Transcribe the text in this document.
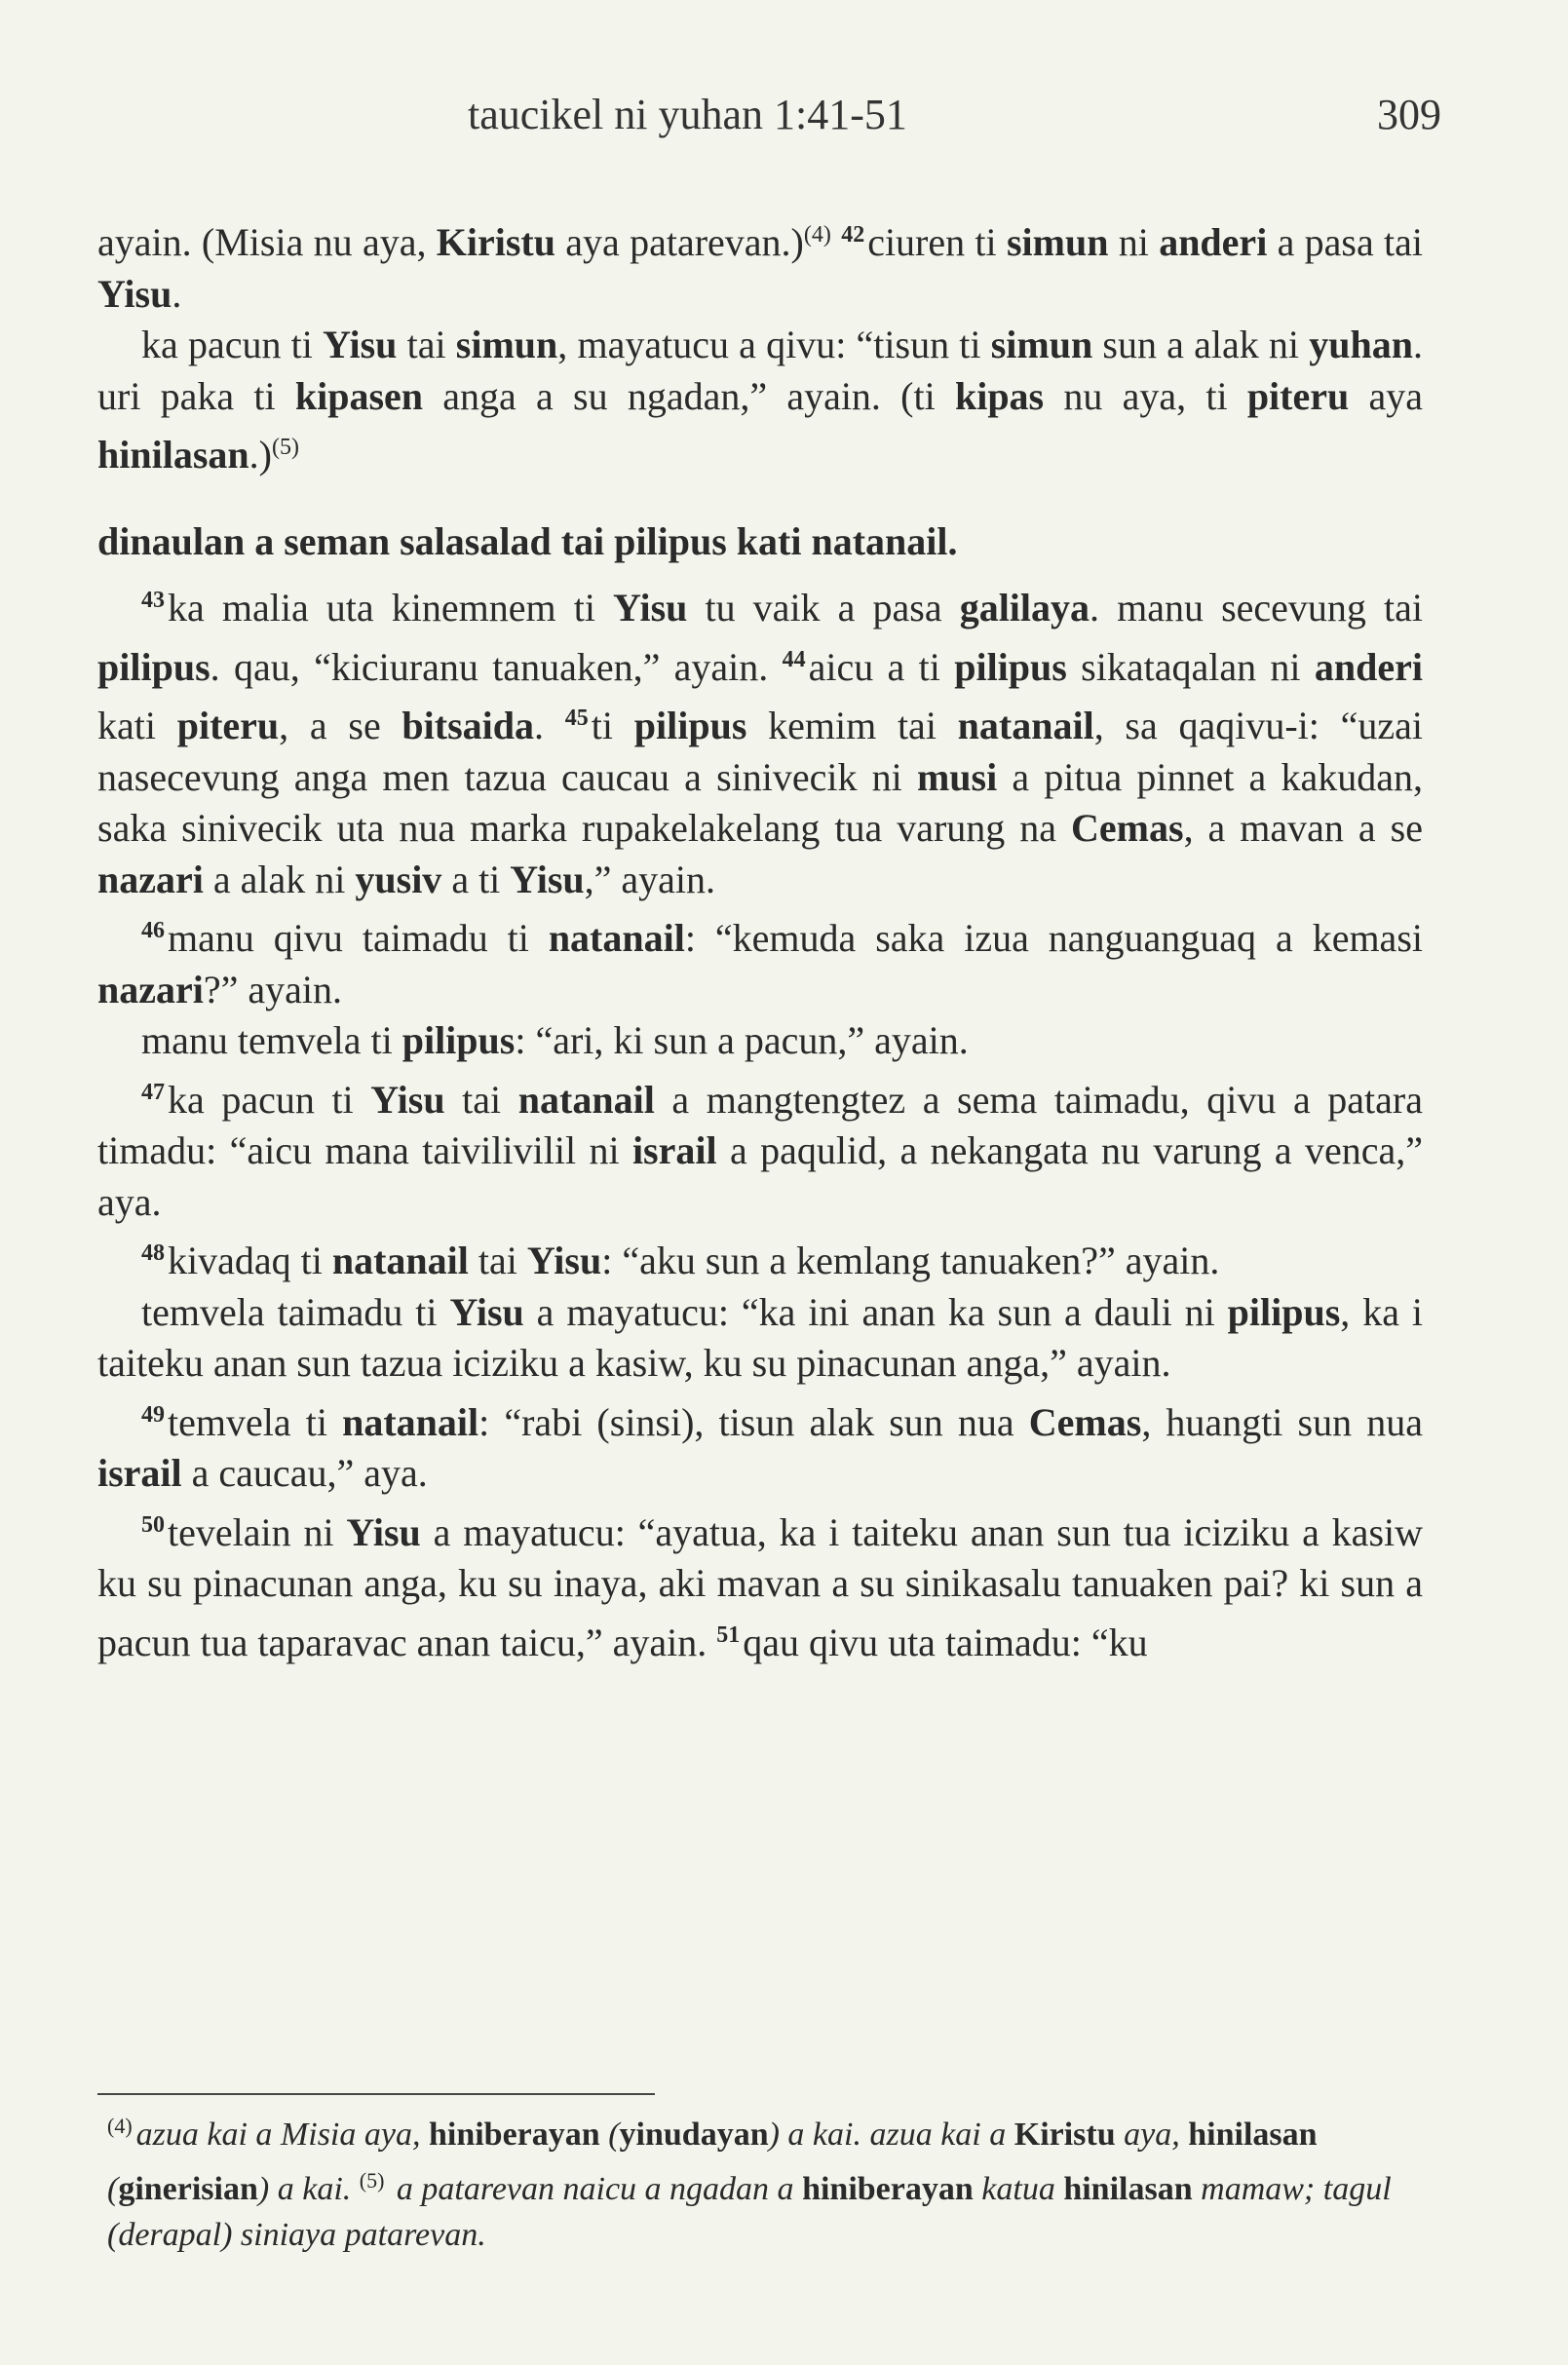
taucikel ni yuhan 1:41-51	309

ayain. (Misia nu aya, Kiristu aya patarevan.)$^{(4)}$ $^{42}$ciuren ti simun ni anderi a pasa tai Yisu.

ka pacun ti Yisu tai simun, mayatucu a qivu: “tisun ti simun sun a alak ni yuhan. uri paka ti kipasen anga a su ngadan,” ayain. (ti kipas nu aya, ti piteru aya hinilasan.)$^{(5)}$

dinaulan a seman salasalad tai pilipus kati natanail.

$^{43}$ka malia uta kinemnem ti Yisu tu vaik a pasa galilaya. manu secevung tai pilipus. qau, “kiciuranu tanuaken,” ayain. $^{44}$aicu a ti pilipus sikataqalan ni anderi kati piteru, a se bitsaida. $^{45}$ti pilipus kemim tai natanail, sa qaqivu-i: “uzai nasecevung anga men tazua caucau a sinivecik ni musi a pitua pinnet a kakudan, saka sinivecik uta nua marka rupakelakelang tua varung na Cemas, a mavan a se nazari a alak ni yusiv a ti Yisu,” ayain.

$^{46}$manu qivu taimadu ti natanail: “kemuda saka izua nanguanguaq a kemasi nazari?” ayain.

manu temvela ti pilipus: “ari, ki sun a pacun,” ayain.

$^{47}$ka pacun ti Yisu tai natanail a mangtengtez a sema taimadu, qivu a patara timadu: “aicu mana taivilivilil ni israil a paqulid, a nekangata nu varung a venca,” aya.

$^{48}$kivadaq ti natanail tai Yisu: “aku sun a kemlang tanuaken?” ayain.

temvela taimadu ti Yisu a mayatucu: “ka ini anan ka sun a dauli ni pilipus, ka i taiteku anan sun tazua iciziku a kasiw, ku su pinacunan anga,” ayain.

$^{49}$temvela ti natanail: “rabi (sinsi), tisun alak sun nua Cemas, huangti sun nua israil a caucau,” aya.

$^{50}$tevelain ni Yisu a mayatucu: “ayatua, ka i taiteku anan sun tua iciziku a kasiw ku su pinacunan anga, ku su inaya, aki mavan a su sinikasalu tanuaken pai? ki sun a pacun tua taparavac anan taicu,” ayain. $^{51}$qau qivu uta taimadu: “ku

$^{(4)}$ azua kai a Misia aya, hiniberayan (yinudayan) a kai. azua kai a Kiristu aya, hinilasan (ginerisian) a kai. $^{(5)}$ a patarevan naicu a ngadan a hiniberayan katua hinilasan mamaw; tagul (derapal) siniaya patarevan.
